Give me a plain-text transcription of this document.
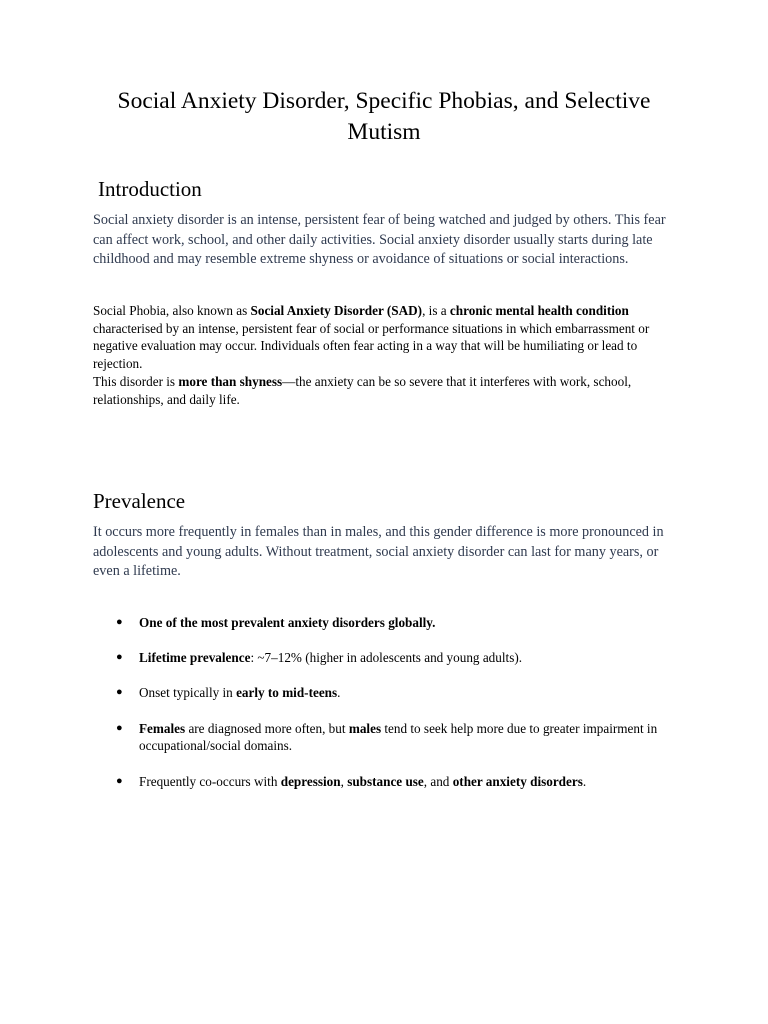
Social Anxiety Disorder, Specific Phobias, and Selective Mutism
Introduction

Social anxiety disorder is an intense, persistent fear of being watched and judged by others. This fear can affect work, school, and other daily activities. Social anxiety disorder usually starts during late childhood and may resemble extreme shyness or avoidance of situations or social interactions.

Social Phobia, also known as Social Anxiety Disorder (SAD), is a chronic mental health condition characterised by an intense, persistent fear of social or performance situations in which embarrassment or negative evaluation may occur. Individuals often fear acting in a way that will be humiliating or lead to rejection.
This disorder is more than shyness—the anxiety can be so severe that it interferes with work, school, relationships, and daily life.

Prevalence

It occurs more frequently in females than in males, and this gender difference is more pronounced in adolescents and young adults. Without treatment, social anxiety disorder can last for many years, or even a lifetime.

● One of the most prevalent anxiety disorders globally.
● Lifetime prevalence: ~7–12% (higher in adolescents and young adults).
● Onset typically in early to mid-teens.
● Females are diagnosed more often, but males tend to seek help more due to greater impairment in occupational/social domains.
● Frequently co-occurs with depression, substance use, and other anxiety disorders.
